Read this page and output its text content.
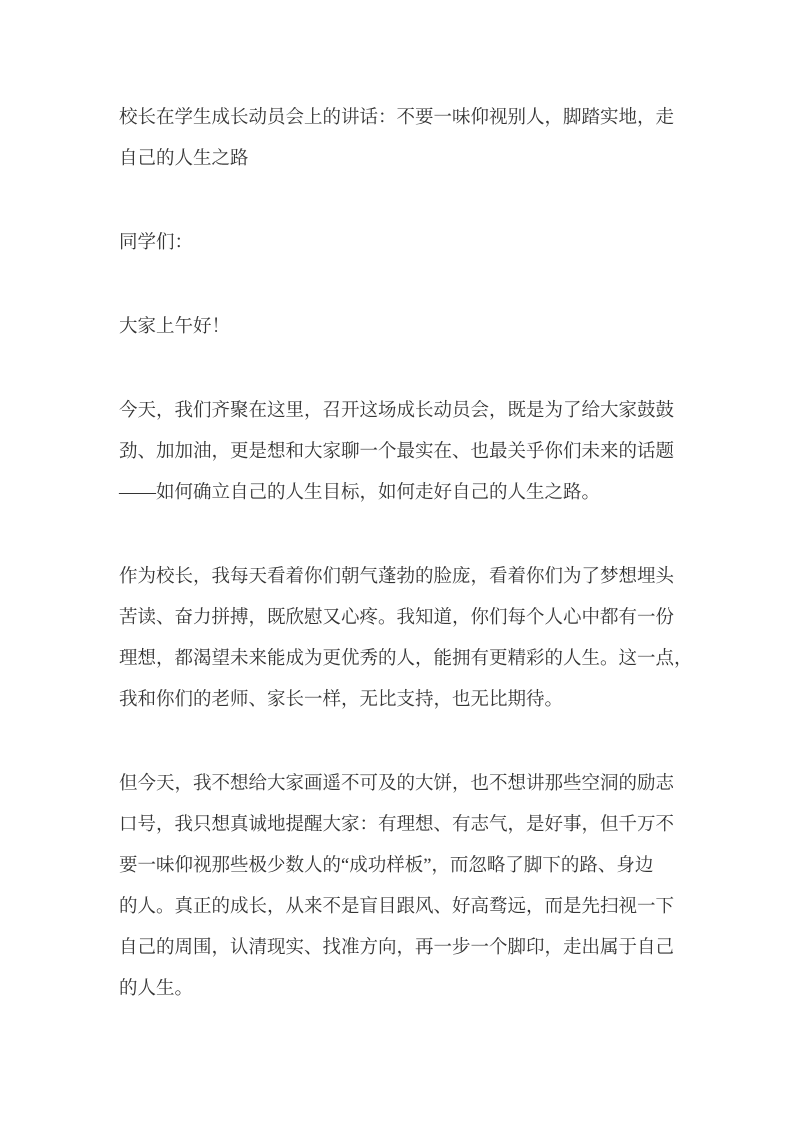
校长在学生成长动员会上的讲话：不要一味仰视别人，脚踏实地，走
自己的人生之路
同学们：
大家上午好！
今天，我们齐聚在这里，召开这场成长动员会，既是为了给大家鼓鼓
劲、加加油，更是想和大家聊一个最实在、也最关乎你们未来的话题
——如何确立自己的人生目标，如何走好自己的人生之路。
作为校长，我每天看着你们朝气蓬勃的脸庞，看着你们为了梦想埋头
苦读、奋力拼搏，既欣慰又心疼。我知道，你们每个人心中都有一份
理想，都渴望未来能成为更优秀的人，能拥有更精彩的人生。这一点，
我和你们的老师、家长一样，无比支持，也无比期待。
但今天，我不想给大家画遥不可及的大饼，也不想讲那些空洞的励志
口号，我只想真诚地提醒大家：有理想、有志气，是好事，但千万不
要一味仰视那些极少数人的“成功样板”，而忽略了脚下的路、身边
的人。真正的成长，从来不是盲目跟风、好高骛远，而是先扫视一下
自己的周围，认清现实、找准方向，再一步一个脚印，走出属于自己
的人生。
